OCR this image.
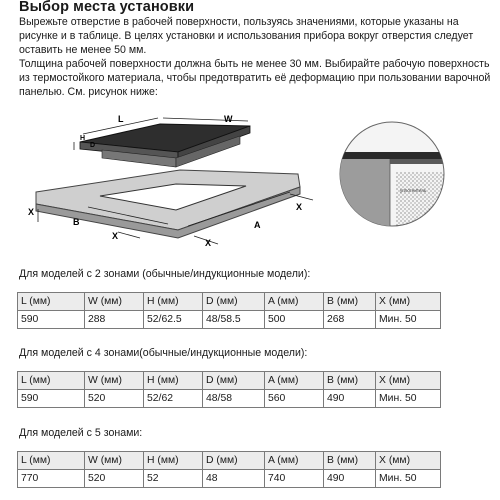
Выбор места установки

Вырежьте отверстие в рабочей поверхности, пользуясь значениями, которые указаны на рисунке и в таблице. В целях установки и использования прибора вокруг отверстия следует оставить не менее 50 мм.

Толщина рабочей поверхности должна быть не менее 30 мм. Выбирайте рабочую поверхность из термостойкого материала, чтобы предотвратить её деформацию при пользовании варочной панелью. См. рисунок ниже:

L	W
H
D
A
B
X
X
X
X
уплотнитель
Для моделей с 2 зонами (обычные/индукционные модели):
L (мм)	W (мм)	H (мм)	D (мм)	A (мм)	B (мм)	X (мм)
590	288	52/62.5	48/58.5	500	268	Мин. 50
Для моделей с 4 зонами(обычные/индукционные модели):
L (мм)	W (мм)	H (мм)	D (мм)	A (мм)	B (мм)	X (мм)
590	520	52/62	48/58	560	490	Мин. 50
Для моделей с 5 зонами:
L (мм)	W (мм)	H (мм)	D (мм)	A (мм)	B (мм)	X (мм)
770	520	52	48	740	490	Мин. 50
